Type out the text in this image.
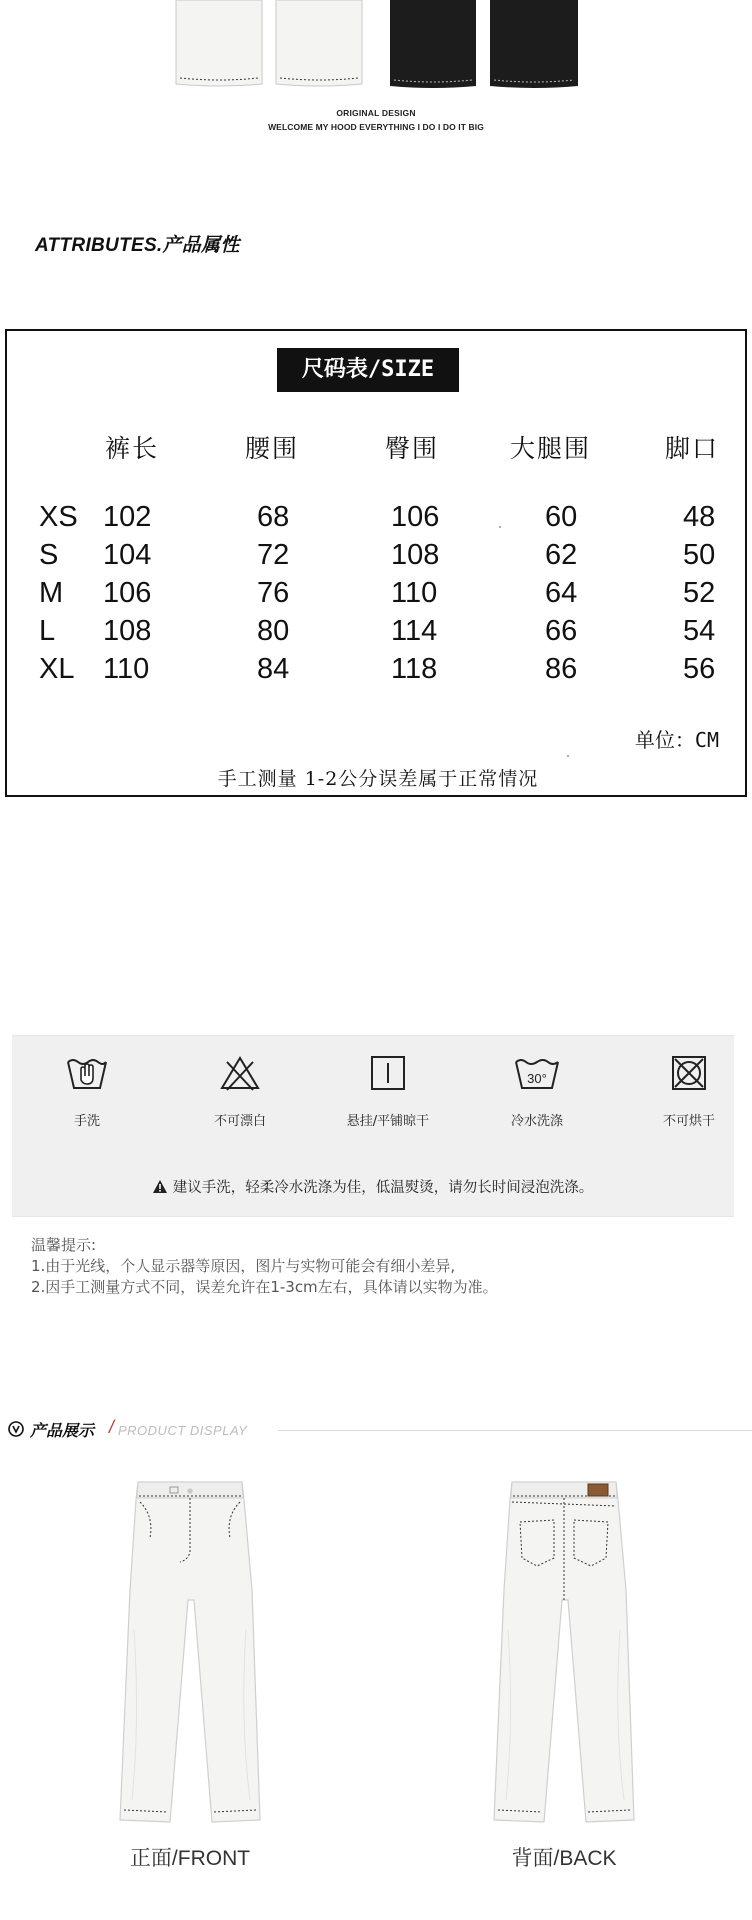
ORIGINAL DESIGN
WELCOME MY HOOD EVERYTHING I DO I DO IT BIG
ATTRIBUTES.产品属性
尺码表/SIZE
裤长	腰围	臀围	大腿围	脚口
XS 102	68	106	60	48
S 104	72	108	62	50
M 106	76	110	64	52
L 108	80	114	66	54
XL 110	84	118	86	56
单位：CM
手工测量 1-2公分误差属于正常情况
手洗	不可漂白	悬挂/平铺晾干
30°
冷水洗涤	不可烘干
建议手洗，轻柔冷水洗涤为佳，低温熨烫，请勿长时间浸泡洗涤。
温馨提示:
1.由于光线，个人显示器等原因，图片与实物可能会有细小差异,
2.因手工测量方式不同，误差允许在1-3cm左右，具体请以实物为准。
产品展示 / PRODUCT DISPLAY
正面/FRONT	背面/BACK
